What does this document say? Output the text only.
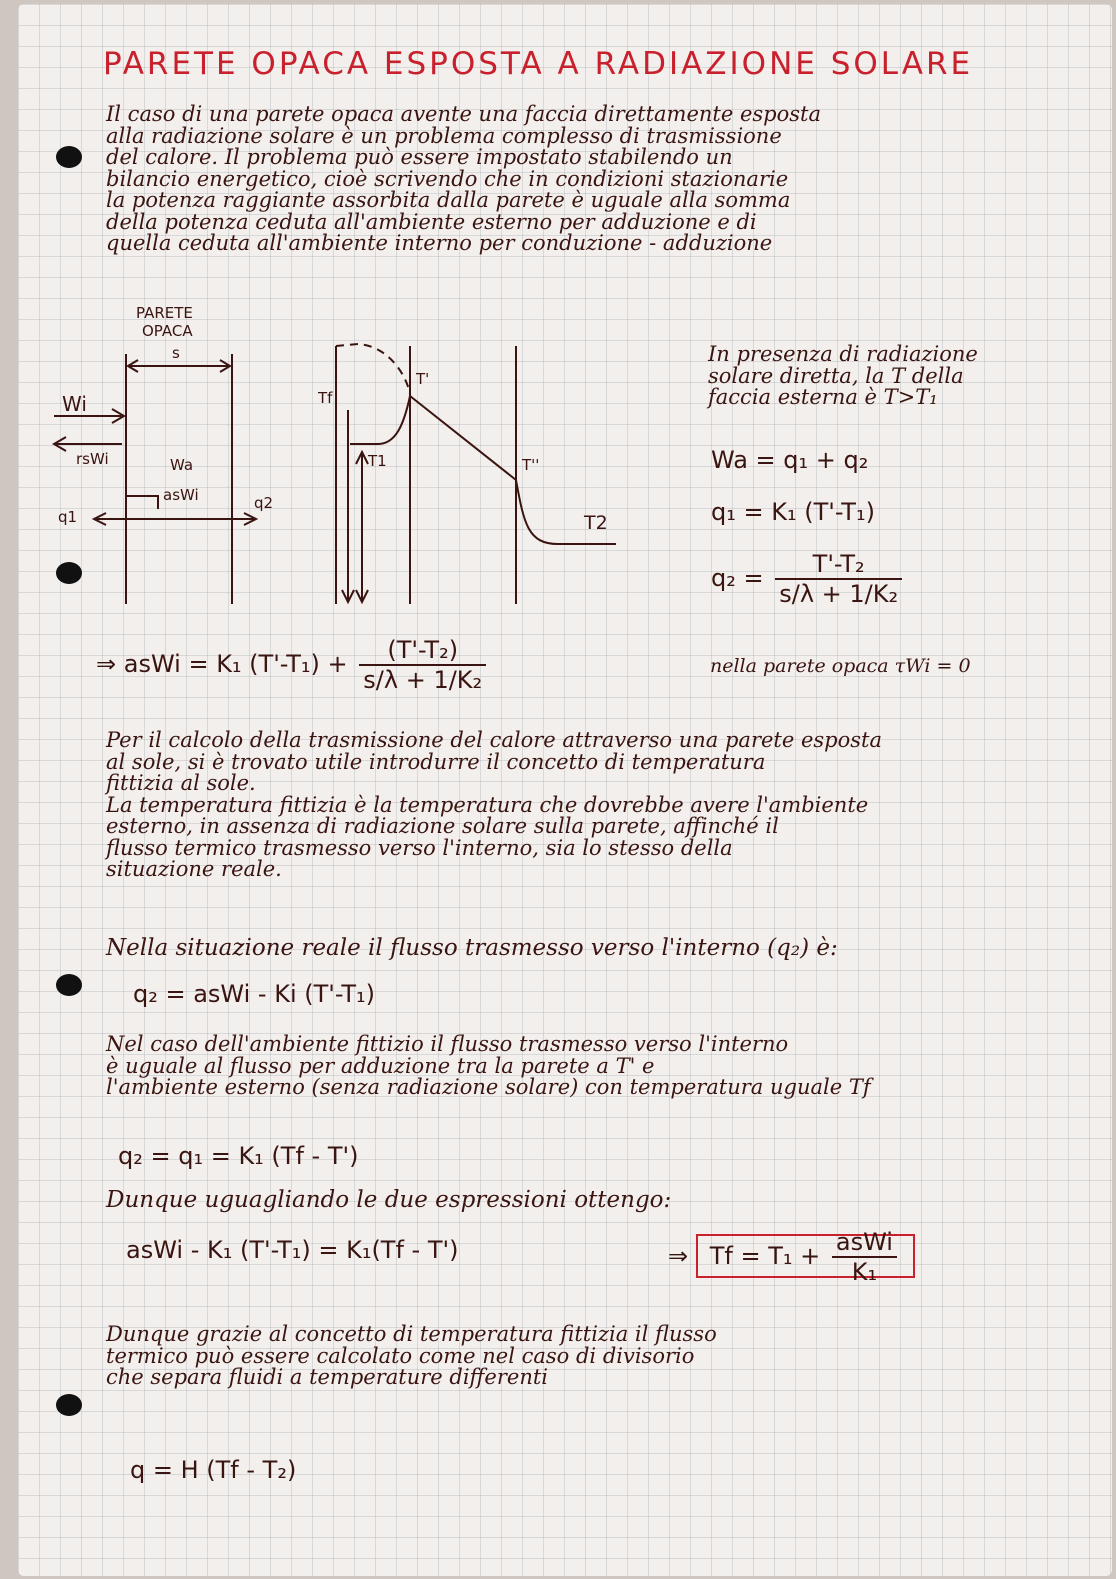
PARETE OPACA ESPOSTA A RADIAZIONE SOLARE
Il caso di una parete opaca avente una faccia direttamente esposta
alla radiazione solare è un problema complesso di trasmissione
del calore. Il problema può essere impostato stabilendo un
bilancio energetico, cioè scrivendo che in condizioni stazionarie
la potenza raggiante assorbita dalla parete è uguale alla somma
della potenza ceduta all'ambiente esterno per adduzione e di
quella ceduta all'ambiente interno per conduzione - adduzione
PARETE
OPACA
s
Wi
rsWi	Wa
asWi
q1
q2
Tf
T1
T'
T''
T2
In presenza di radiazione
solare diretta, la T della
faccia esterna è T>T₁
Wa = q₁ + q₂
q₁ = K₁ (T'-T₁)
$q_2 = \frac{\text{T'-T₂}}{\text{s/λ + 1/K₂}}$
⇒ asWi = K₁ $(T'-T_1) + \frac{\text{(T'-T₂)}}{\text{s/λ + 1/K₂}}$	nella parete opaca τWi = 0
Per il calcolo della trasmissione del calore attraverso una parete esposta
al sole, si è trovato utile introdurre il concetto di temperatura
fittizia al sole.
La temperatura fittizia è la temperatura che dovrebbe avere l'ambiente
esterno, in assenza di radiazione solare sulla parete, affinché il
flusso termico trasmesso verso l'interno, sia lo stesso della
situazione reale.
Nella situazione reale il flusso trasmesso verso l'interno (q₂) è:
q₂ = asWi - Ki (T'-T₁)
Nel caso dell'ambiente fittizio il flusso trasmesso verso l'interno
è uguale al flusso per adduzione tra la parete a T' e
l'ambiente esterno (senza radiazione solare) con temperatura uguale Tf
q₂ = q₁ = K₁ (Tf - T')
Dunque uguagliando le due espressioni ottengo:
asWi - K₁ (T'-T₁) = K₁(Tf - T')	⇒ $Tf = T_1 + \frac{\text{asWi}}{\text{K₁}}$
Dunque grazie al concetto di temperatura fittizia il flusso
termico può essere calcolato come nel caso di divisorio
che separa fluidi a temperature differenti
q = H (Tf - T₂)
